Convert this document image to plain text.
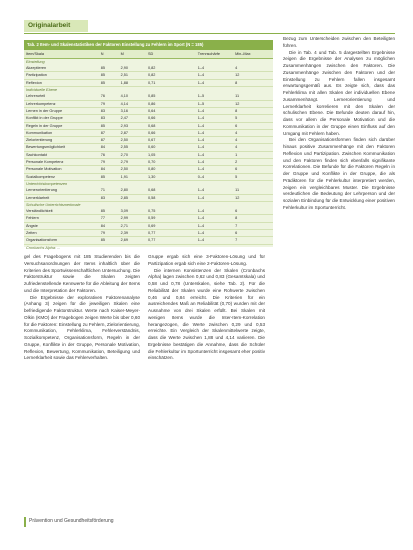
Originalarbeit
Tab. 2 Item- und Skalenstatistiken der Faktoren Einstellung zu Fehlern im Sport (N = 185)
Item/Skala	N	M	SD	Trennschärfe	Min–Max
Einstellung					
Akzeptieren	85	2,90	0,82	1–4	4
Partizipation	85	2,51	0,82	1–4	12
Reflexion	85	1,88	0,71	1–4	8
Individuelle Ebene					
Lehrerurteil	76	4,10	0,85	1–5	11
Lehrerkompetenz	79	4,14	0,86	1–5	12
Lernen in der Gruppe	83	3,16	0,64	1–4	8
Konflikt in der Gruppe	83	2,47	0,66	1–4	5
Regeln in der Gruppe	85	2,93	0,68	1–4	6
Kommunikation	87	2,87	0,66	1–4	4
Zielorientierung	87	2,50	0,67	1–4	4
Bewertungsmöglichkeit	84	2,55	0,60	1–4	4
Sachkontakt	76	2,70	1,05	1–4	1
Personale Kompetenz	79	2,79	0,70	1–4	2
Personale Motivation	84	2,50	0,80	1–4	6
Sozialkompetenz	85	1,91	1,30	0–4	5
Unterrichtskompetenzen					
Lernerorientierung	71	2,80	0,68	1–4	11
Lernerklarheit	83	2,85	0,58	1–4	12
Schulische Unterrichtsmerkmale					
Verständlichkeit	85	3,09	0,75	1–4	6
Fehlern	77	2,99	0,59	1–4	8
Ängste	84	2,71	0,69	1–4	7
Zeiten	79	2,39	0,77	1–4	6
Organisationsform	85	2,69	0,77	1–4	7
Cronbachs Alpha: ...					

gel des Fragebogens mit 185 Studierenden bis die Versuchsanordnungen der Items inhaltlich über die Kriterien des Sportwissenschaftlichen Untersuchung. Die Faktorstruktur sowie die Skalen zeigten zufriedenstellende Kennwerte für die Ableitung der Items und die Interpretation der Faktoren.

Die Ergebnisse der explorativen Faktorenanalyse (Anhang 3) zeigen für die jeweiligen Skalen eine befriedigende Faktorstruktur. Werte nach Kaiser-Meyer-Olkin (KMO) der Fragebogen zeigen Werte bis über 0,60 für die Faktoren: Einstellung zu Fehlern, Zielorientierung, Kommunikation, Fehlerklima, Fehlerverständnis, Sozialkompetenz, Organisationsform, Regeln in der Gruppe, Konflikte in der Gruppe, Personale Motivation, Reflexion, Bewertung, Kommunikation, Beteiligung und Lernerklarheit sowie das Fehlerverhalten.

Gruppe ergab sich eine 3-Faktoren-Lösung und für Partizipation ergab sich eine 2-Faktoren-Lösung.

Die internen Konsistenzen der Skalen (Cronbachs Alpha) lagen zwischen 0,62 und 0,83 (Gesamtskala) und 0,58 und 0,78 (Unterskalen, siehe Tab. 2). Für die Reliabilität der Skalen wurde eine Rohwerte zwischen 0,46 und 0,84 erreicht. Die Kriterien für ein ausreichendes Maß an Reliabilität (0,70) wurden mit der Ausnahme von drei Skalen erfüllt. Bei Skalen mit wenigen Items wurde die Inter-Item-Korrelation herangezogen, die Werte zwischen 0,29 und 0,53 erreichte. Ein Vergleich der Skalenmittelwerte zeigte, dass die Werte zwischen 1,88 und 4,14 variieren. Die Ergebnisse bestätigen die Annahme, dass die Schüler die Fehlerkultur im Sportunterricht insgesamt eher positiv einschätzen.

Bezug zum Unterscheiden zwischen den Beteiligten führen.

Die in Tab. 4 und Tab. 5 dargestellten Ergebnisse zeigen die Ergebnisse der Analysen zu möglichen Zusammenhängen zwischen den Faktoren. Die Zusammenhänge zwischen den Faktoren und der Einstellung zu Fehlern fallen insgesamt erwartungsgemäß aus. Es zeigte sich, dass das Fehlerklima mit allen Skalen der individuellen Ebene zusammenhängt. Lernerorientierung und Lernerklarheit korrelieren mit den Skalen der schulischen Ebene. Die Befunde deuten darauf hin, dass vor allem die Personale Motivation und die Kommunikation in der Gruppe einen Einfluss auf den Umgang mit Fehlern haben.

Bei den Organisationsformen finden sich darüber hinaus positive Zusammenhänge mit den Faktoren Reflexion und Partizipation. Zwischen Kommunikation und den Faktoren finden sich ebenfalls signifikante Korrelationen. Die Befunde für die Faktoren Regeln in der Gruppe und Konflikte in der Gruppe, die als Prädiktoren für die Fehlerkultur interpretiert werden, zeigen ein vergleichbares Muster. Die Ergebnisse verdeutlichen die Bedeutung der Lehrperson und der sozialen Einbindung für die Entwicklung einer positiven Fehlerkultur im Sportunterricht.

Prävention und Gesundheitsförderung
